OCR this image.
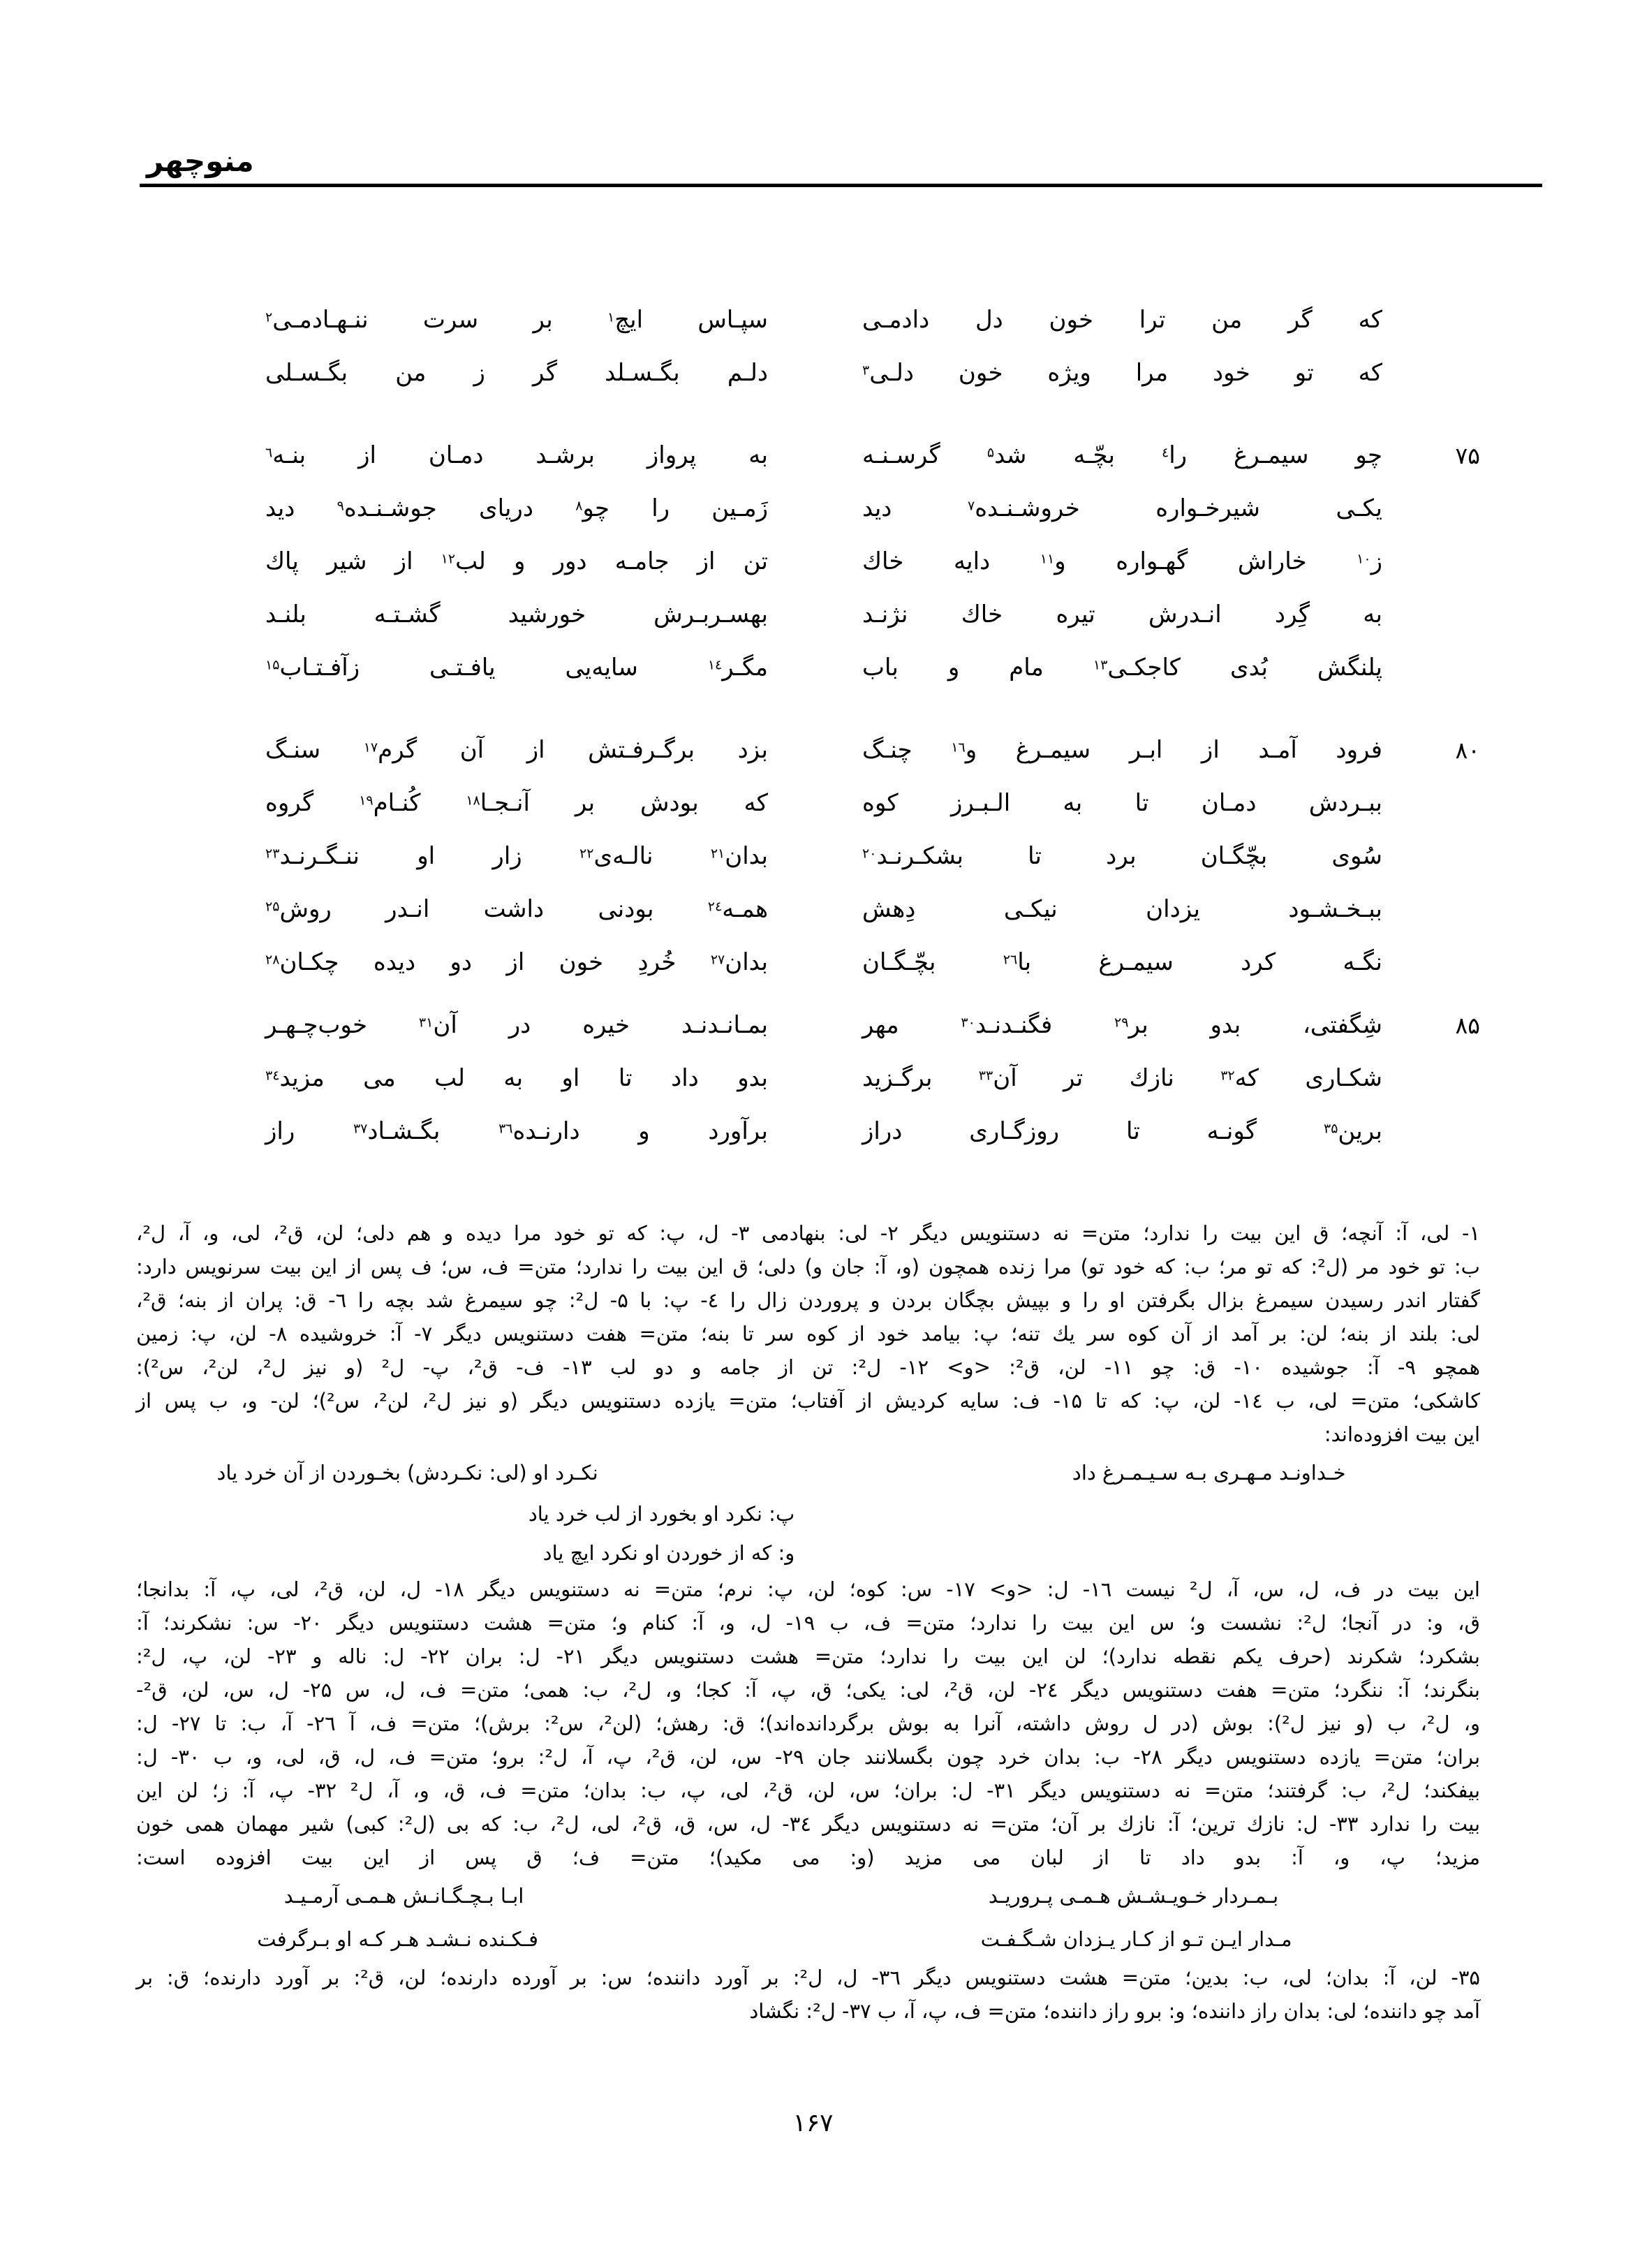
منوچهر
که گر من ترا خون دل دادمـی
سپـاس ایچ$^۱$ بر سرت ننـهـادمـی$^۲$
که تو خود مرا ویژه خون دلـی$^۳$
دلـم بگـسـلد گر ز من بگـسـلی
۷۵
چو سیمـرغ را$^٤$ بچّـه شد$^۵$ گرسـنـه
به پرواز برشـد دمـان از بنـه$^٦$
یکـی شیرخـواره خروشـنـده$^۷$ دید
زَمـین را چو$^۸$ دریای جوشـنـده$^۹$ دید
ز$^{۱۰}$ خاراش گهـواره و$^{۱۱}$ دایه خاك
تن از جامـه دور و لب$^{۱۲}$ از شیر پاك
به گِرد انـدرش تیره خاك نژنـد
بهسـربـرش خورشید گشـتـه بلنـد
پلنگش بُدی کاجکـی$^{۱۳}$ مام و باب
مگـر$^{۱٤}$ سایه‌یی یافـتـی زآفـتـاب$^{۱۵}$
۸۰
فرود آمـد از ابـر سیمـرغ و$^{۱٦}$ چنـگ
بزد برگـرفـتش از آن گرم$^{۱۷}$ سنـگ
ببـردش دمـان تا به الـبـرز کوه
که بودش بر آنـجـا$^{۱۸}$ کُنـام$^{۱۹}$ گروه
سُوی بچّگـان برد تا بشکـرنـد$^{۲۰}$
بدان$^{۲۱}$ نالـه‌ی$^{۲۲}$ زار او ننـگـرنـد$^{۲۳}$
ببـخـشـود یزدان نیکـی دِهش
همـه$^{۲٤}$ بودنی داشت انـدر روش$^{۲۵}$
نگـه کرد سیمـرغ با$^{۲٦}$ بچّـگـان
بدان$^{۲۷}$ خُردِ خون از دو دیده چکـان$^{۲۸}$
۸۵
شِگفتی، بدو بر$^{۲۹}$ فگنـدنـد$^{۳۰}$ مهر
بمـانـدنـد خیره در آن$^{۳۱}$ خوب‌چـهـر
شکـاری که$^{۳۲}$ نازك تر آن$^{۳۳}$ برگـزید
بدو داد تا او به لب می مزید$^{۳٤}$
برین$^{۳۵}$ گونـه تا روزگـاری دراز
برآورد و دارنـده$^{۳٦}$ بگـشـاد$^{۳۷}$ راز
۱- لی، آ: آنچه؛ ق این بیت را ندارد؛ متن= نه دستنویس دیگر ۲- لی: بنهادمی ۳- ل، پ: که تو خود مرا دیده و هم دلی؛ لن، ق²، لی، و، آ، ل²،
ب: تو خود مر (ل²: که تو مر؛ ب: که خود تو) مرا زنده همچون (و، آ: جان و) دلی؛ ق این بیت را ندارد؛ متن= ف، س؛ ف پس از این بیت سرنویس دارد:
گفتار اندر رسیدن سیمرغ بزال بگرفتن او را و بپیش بچگان بردن و پروردن زال را ٤- پ: با ۵- ل²: چو سیمرغ شد بچه را ٦- ق: پران از بنه؛ ق²،
لی: بلند از بنه؛ لن: بر آمد از آن کوه سر یك تنه؛ پ: بیامد خود از کوه سر تا بنه؛ متن= هفت دستنویس دیگر ۷- آ: خروشیده ۸- لن، پ: زمین
همچو ۹- آ: جوشیده ۱۰- ق: چو ۱۱- لن، ق²: <و> ۱۲- ل²: تن از جامه و دو لب ۱۳- ف- ق²، پ- ل² (و نیز ل²، لن²، س²):
کاشکی؛ متن= لی، ب ۱٤- لن، پ: که تا ۱۵- ف: سایه کردیش از آفتاب؛ متن= یازده دستنویس دیگر (و نیز ل²، لن²، س²)؛ لن- و، ب پس از
این بیت افزوده‌اند:
خـداونـد مـهـری بـه سـیـمـرغ داد
نکـرد او (لی: نکـردش) بخـوردن از آن خرد یاد
پ: نکرد او بخورد از لب خرد یاد
و: که از خوردن او نکرد ایچ یاد
این بیت در ف، ل، س، آ، ل² نیست ۱٦- ل: <و> ۱۷- س: کوه؛ لن، پ: نرم؛ متن= نه دستنویس دیگر ۱۸- ل، لن، ق²، لی، پ، آ: بدانجا؛
ق، و: در آنجا؛ ل²: نشست و؛ س این بیت را ندارد؛ متن= ف، ب ۱۹- ل، و، آ: کنام و؛ متن= هشت دستنویس دیگر ۲۰- س: نشکرند؛ آ:
بشکرد؛ شکرند (حرف یکم نقطه ندارد)؛ لن این بیت را ندارد؛ متن= هشت دستنویس دیگر ۲۱- ل: بران ۲۲- ل: ناله و ۲۳- لن، پ، ل²:
بنگرند؛ آ: ننگرد؛ متن= هفت دستنویس دیگر ۲٤- لن، ق²، لی: یکی؛ ق، پ، آ: کجا؛ و، ل²، ب: همی؛ متن= ف، ل، س ۲۵- ل، س، لن، ق²-
و، ل²، ب (و نیز ل²): بوش (در ل روش داشته، آنرا به بوش برگردانده‌اند)؛ ق: رهش؛ (لن²، س²: برش)؛ متن= ف، آ ۲٦- آ، ب: تا ۲۷- ل:
بران؛ متن= یازده دستنویس دیگر ۲۸- ب: بدان خرد چون بگسلانند جان ۲۹- س، لن، ق²، پ، آ، ل²: برو؛ متن= ف، ل، ق، لی، و، ب ۳۰- ل:
بیفکند؛ ل²، ب: گرفتند؛ متن= نه دستنویس دیگر ۳۱- ل: بران؛ س، لن، ق²، لی، پ، ب: بدان؛ متن= ف، ق، و، آ، ل² ۳۲- پ، آ: ز؛ لن این
بیت را ندارد ۳۳- ل: نازك ترین؛ آ: نازك بر آن؛ متن= نه دستنویس دیگر ۳٤- ل، س، ق، ق²، لی، ل²، ب: که بی (ل²: کبی) شیر مهمان همی خون
مزید؛ پ، و، آ: بدو داد تا از لبان می مزید (و: می مکید)؛ متن= ف؛ ق پس از این بیت افزوده است:
بـمـردار خـویـشـش هـمـی پـروریـد
ابـا بـچـگـانـش هـمـی آرمـیـد
مـدار ایـن تـو از کـار یـزدان شـگـفـت
فـکـنده نـشـد هـر کـه او بـرگرفت
۳۵- لن، آ: بدان؛ لی، ب: بدین؛ متن= هشت دستنویس دیگر ۳٦- ل، ل²: بر آورد داننده؛ س: بر آورده دارنده؛ لن، ق²: بر آورد دارنده؛ ق: بر
آمد چو داننده؛ لی: بدان راز داننده؛ و: برو راز داننده؛ متن= ف، پ، آ، ب ۳۷- ل²: نگشاد
۱۶۷
